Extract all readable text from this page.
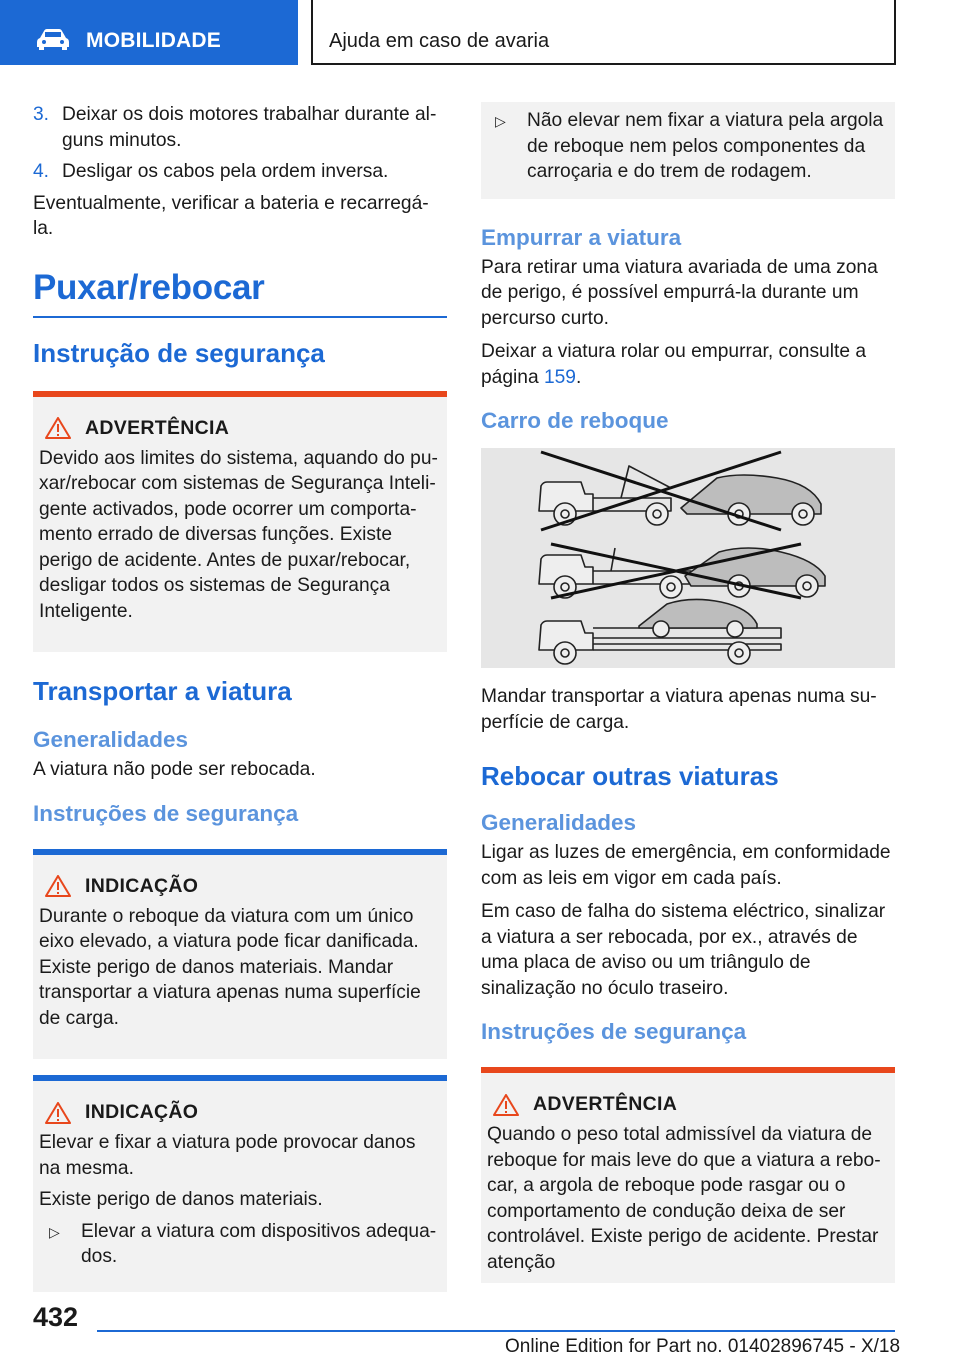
MOBILIDADE	Ajuda em caso de avaria
3. Deixar os dois motores trabalhar durante alguns minutos.
4. Desligar os cabos pela ordem inversa.

Eventualmente, verificar a bateria e recarregá-la.

Puxar/rebocar
Instrução de segurança
ADVERTÊNCIA

Devido aos limites do sistema, aquando do puxar/rebocar com sistemas de Segurança Inteligente activados, pode ocorrer um comportamento errado de diversas funções. Existe perigo de acidente. Antes de puxar/rebocar, desligar todos os sistemas de Segurança Inteligente.

Transportar a viatura
Generalidades

A viatura não pode ser rebocada.

Instruções de segurança
INDICAÇÃO

Durante o reboque da viatura com um único eixo elevado, a viatura pode ficar danificada. Existe perigo de danos materiais. Mandar transportar a viatura apenas numa superfície de carga.

INDICAÇÃO

Elevar e fixar a viatura pode provocar danos na mesma.

Existe perigo de danos materiais.

▷	Elevar a viatura com dispositivos adequados.
▷	Não elevar nem fixar a viatura pela argola de reboque nem pelos componentes da carroçaria e do trem de rodagem.
Empurrar a viatura

Para retirar uma viatura avariada de uma zona de perigo, é possível empurrá-la durante um percurso curto.

Deixar a viatura rolar ou empurrar, consulte a página 159.

Carro de reboque

Mandar transportar a viatura apenas numa superfície de carga.

Rebocar outras viaturas
Generalidades

Ligar as luzes de emergência, em conformidade com as leis em vigor em cada país.

Em caso de falha do sistema eléctrico, sinalizar a viatura a ser rebocada, por ex., através de uma placa de aviso ou um triângulo de sinalização no óculo traseiro.

Instruções de segurança
ADVERTÊNCIA

Quando o peso total admissível da viatura de reboque for mais leve do que a viatura a rebocar, a argola de reboque pode rasgar ou o comportamento de condução deixa de ser controlável. Existe perigo de acidente. Prestar atenção

432
Online Edition for Part no. 01402896745 - X/18
